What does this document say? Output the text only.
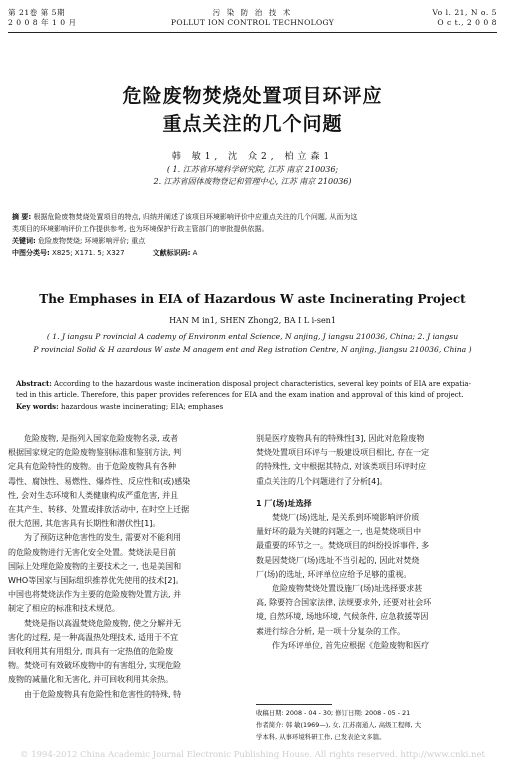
第 21卷 第 5期
2 0 0 8 年 1 0 月
污 染 防 治 技 术
POLLUT ION CONTROL TECHNOLOGY
Vo l. 21, N o. 5
O c t., 2 0 0 8
危险废物焚烧处置项目环评应
重点关注的几个问题
韩 敏1, 沈 众2, 柏立森1
( 1. 江苏省环境科学研究院, 江苏 南京 210036;
2. 江苏省固体废物登记和管理中心, 江苏 南京 210036)
摘 要: 根据危险废物焚烧处置项目的特点, 归纳并阐述了该项目环境影响评价中应重点关注的几个问题, 从而为这
类项目的环境影响评价工作提供参考, 也为环境保护行政主管部门的审批提供依据。
关键词: 危险废物焚烧; 环境影响评价; 重点
中图分类号: X825; X171. 5; X327	文献标识码: A
The Emphases in EIA of Hazardous W aste Incinerating Project
HAN M in1, SHEN Zhong2, BA I L i-sen1
( 1. J iangsu P rovincial A cademy of Environm ental Science, N anjing, J iangsu 210036, China; 2. J iangsu
P rovincial Solid & H azardous W aste M anagem ent and Reg istration Centre, N anjing, Jiangsu 210036, China )
Abstract: According to the hazardous waste incineration disposal project characteristics, several key points of EIA are expatia-
ted in this article. Therefore, this paper provides references for EIA and the exam ination and approval of this kind of project.
Key words: hazardous waste incinerating; EIA; emphases
危险废物, 是指列入国家危险废物名录, 或者
根据国家规定的危险废物鉴别标准和鉴别方法, 判
定具有危险特性的废物。由于危险废物具有各种
毒性、腐蚀性、易燃性、爆炸性、反应性和(或)感染
性, 会对生态环境和人类健康构成严重危害, 并且
在其产生、转移、处置或排放活动中, 在时空上迁据
很大范围, 其危害具有长期性和潜伏性[1]。
为了预防这种危害性的发生, 需要对不能利用
的危险废物进行无害化安全处置。焚烧法是目前
国际上处理危险废物的主要技术之一, 也是美国和
WHO等国家与国际组织推荐优先使用的技术[2]。
中国也将焚烧法作为主要的危险废物处置方法, 并
制定了相应的标准和技术规范。
焚烧是指以高温焚烧危险废物, 使之分解并无
害化的过程, 是一种高温热处理技术, 适用于不宜
回收利用其有用组分, 而具有一定热值的危险废
物。焚烧可有效破坏废物中的有害组分, 实现危险
废物的减量化和无害化, 并可回收利用其余热。
由于危险废物具有危险性和危害性的特殊, 特
别是医疗废物具有的特殊性[3], 因此对危险废物
焚烧处置项目环评与一般建设项目相比, 存在一定
的特殊性, 文中根据其特点, 对该类项目环评时应
重点关注的几个问题进行了分析[4]。
1 厂(场)址选择
焚烧厂(场)选址, 是关系到环境影响评价质
量好坏的最为关键的问题之一, 也是焚烧项目中
最重要的环节之一。焚烧项目的纠纷投诉事件, 多
数是因焚烧厂(场)选址不当引起的, 因此对焚烧
厂(场)的选址, 环评单位应给予足够的重视。
危险废物焚烧处置设施厂(场)址选择要求甚
高, 除要符合国家法律, 法规要求外, 还要对社会环
境, 自然环境, 场地环境, 气候条件, 应急救援等因
素进行综合分析, 是一项十分复杂的工作。
作为环评单位, 首先应根据《危险废物和医疗
收稿日期: 2008 - 04 - 30; 修订日期: 2008 - 05 - 21
作者简介: 韩 敏(1969—), 女, 江苏南通人, 高级工程师, 大
学本科, 从事环境科研工作, 已发表论文多篇。
© 1994-2012 China Academic Journal Electronic Publishing House. All rights reserved. http://www.cnki.net
